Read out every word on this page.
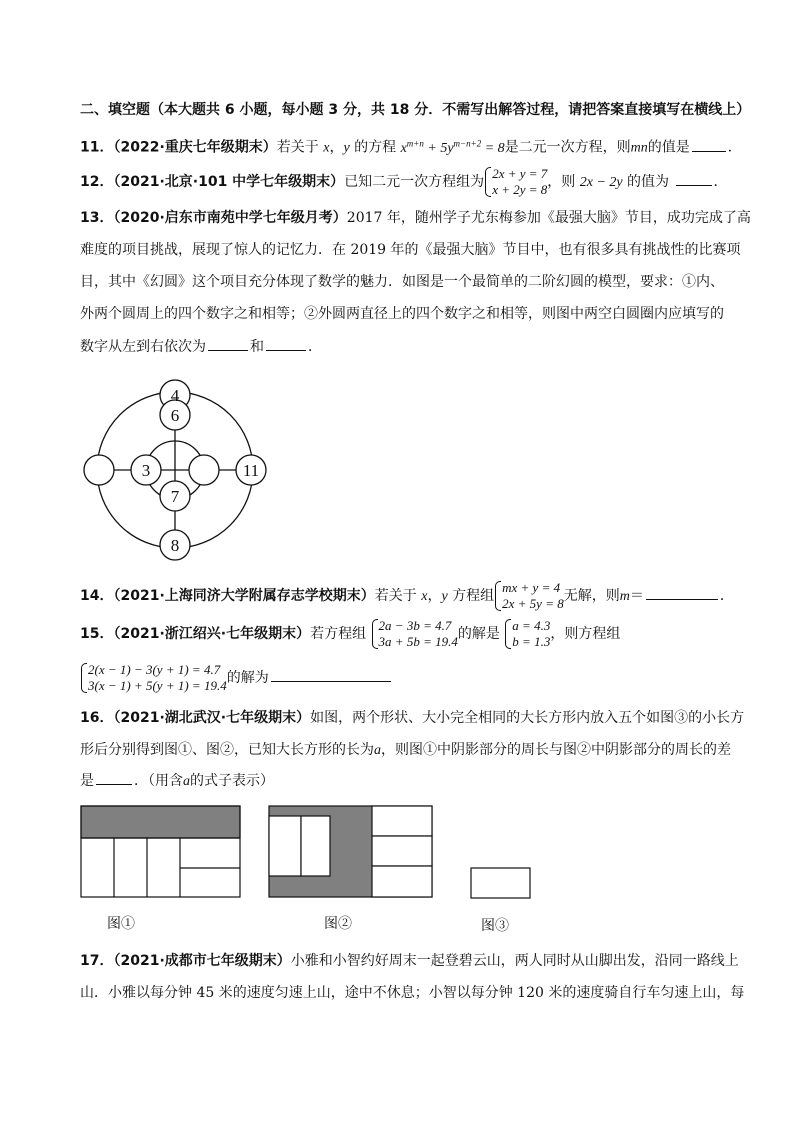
二、填空题（本大题共 6 小题，每小题 3 分，共 18 分．不需写出解答过程，请把答案直接填写在横线上）
11．（2022·重庆七年级期末）若关于 x，y 的方程 $x^{m+n} + 5y^{m-n+2} = 8$是二元一次方程，则mn的值是	．
12．（2021·北京·101 中学七年级期末）已知二元一次方程组为
2x + y = 7
x + 2y = 8 ，则 2x − 2y 的值为	．
13．（2020·启东市南苑中学七年级月考）2017 年，随州学子尤东梅参加《最强大脑》节目，成功完成了高
难度的项目挑战，展现了惊人的记忆力．在 2019 年的《最强大脑》节目中，也有很多具有挑战性的比赛项
目，其中《幻圆》这个项目充分体现了数学的魅力．如图是一个最简单的二阶幻圆的模型，要求：①内、
外两个圆周上的四个数字之和相等；②外圆两直径上的四个数字之和相等，则图中两空白圆圈内应填写的
数字从左到右依次为	和	．
4
6
3	11
7
8
14．（2021·上海同济大学附属存志学校期末）若关于 x，y 方程组
mx + y = 4
2x + 5y = 8 无解，则m＝	．
15．（2021·浙江绍兴·七年级期末）若方程组
2a − 3b = 4.7
3a + 5b = 19.4 的解是
a = 4.3
b = 1.3 ，则方程组
2(x − 1) − 3(y + 1) = 4.7
3(x − 1) + 5(y + 1) = 19.4 的解为
16．（2021·湖北武汉·七年级期末）如图，两个形状、大小完全相同的大长方形内放入五个如图③的小长方
形后分别得到图①、图②，已知大长方形的长为a，则图①中阴影部分的周长与图②中阴影部分的周长的差
是	．（用含a的式子表示）
图①	图②	图③
17．（2021·成都市七年级期末）小雅和小智约好周末一起登碧云山，两人同时从山脚出发，沿同一路线上
山．小雅以每分钟 45 米的速度匀速上山，途中不休息；小智以每分钟 120 米的速度骑自行车匀速上山，每
